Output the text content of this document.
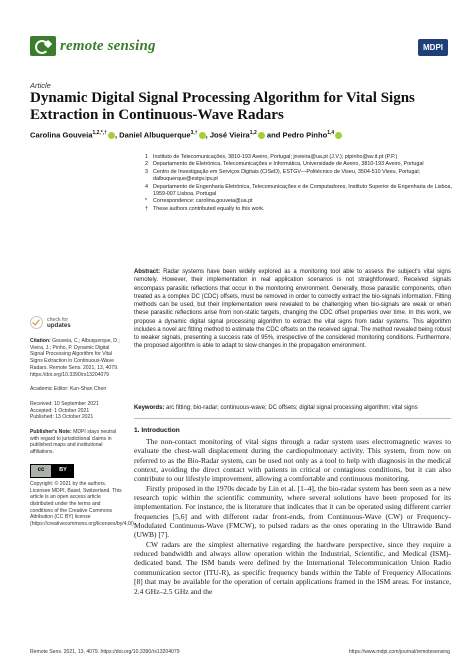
remote sensing	MDPI
Article
Dynamic Digital Signal Processing Algorithm for Vital Signs Extraction in Continuous-Wave Radars
Carolina Gouveia$^{1,2,*,\dagger}$ , Daniel Albuquerque$^{3,\dagger}$ , José Vieira$^{1,2}$ and Pedro Pinho$^{1,4}$
1 Instituto de Telecomunicações, 3810-193 Aveiro, Portugal; jnvieira@ua.pt (J.V.); ptpinho@av.it.pt (P.P.)
2 Departamento de Eletrónica, Telecomunicações e Informática, Universidade de Aveiro, 3810-193 Aveiro, Portugal
3 Centro de Investigação em Serviços Digitais (CISeD), ESTGV—Politécnico de Viseu, 3504-510 Viseu, Portugal; dalbuquerque@estgv.ipv.pt
4 Departamento de Engenharia Eletrónica, Telecomunicações e de Computadores, Instituto Superior de Engenharia de Lisboa, 1959-007 Lisboa, Portugal
*	Correspondence: carolina.gouveia@ua.pt
† These authors contributed equally to this work.
Abstract: Radar systems have been widely explored as a monitoring tool able to assess the subject's vital signs remotely. However, their implementation in real application scenarios is not straightforward. Received signals encompass parasitic reflections that occur in the monitoring environment. Generally, those parasitic components, often treated as a complex DC (CDC) offsets, must be removed in order to correctly extract the bio-signals information. Fitting methods can be used, but their implementation were revealed to be challenging when bio-signals are weak or when these parasitic reflections arise from non-static targets, changing the CDC offset properties over time. In this work, we propose a dynamic digital signal processing algorithm to extract the vital signs from radar systems. This algorithm includes a novel arc fitting method to estimate the CDC offsets on the received signal. The method revealed being robust to weaker signals, presenting a success rate of 95%, irrespective of the considered monitoring conditions. Furthermore, the proposed algorithm is able to adapt to slow changes in the propagation environment.
Keywords: arc fitting; bio-radar; continuous-wave; DC offsets; digital signal processing algorithm; vital signs
check for
updates
Citation: Gouveia, C.; Albuquerque, D.; Vieira, J.; Pinho, P. Dynamic Digital Signal Processing Algorithm for Vital Signs Extraction in Continuous-Wave Radars. Remote Sens. 2021, 13, 4079. https://doi.org/10.3390/rs13204079
Academic Editor: Kun-Shan Chen
Received: 10 September 2021
Accepted: 1 October 2021
Published: 13 October 2021
Publisher's Note: MDPI stays neutral with regard to jurisdictional claims in published maps and institutional affiliations.
cc	BY
Copyright: © 2021 by the authors. Licensee MDPI, Basel, Switzerland. This article is an open access article distributed under the terms and conditions of the Creative Commons Attribution (CC BY) license (https://creativecommons.org/licenses/by/4.0/).
1. Introduction

The non-contact monitoring of vital signs through a radar system uses electromagnetic waves to evaluate the chest-wall displacement during the cardiopulmonary activity. This system, from now on referred to as the Bio-Radar system, can be used not only as a tool to help with diagnosis in the medical context, avoiding the direct contact with patients in critical or contagious conditions, but it can also contribute to our lifestyle improvement, allowing a comfortable and continuous monitoring.

Firstly proposed in the 1970s decade by Lin et al. [1–4], the bio-radar system has been seen as a new research topic within the scientific community, where several solutions have been proposed for its implementation. For instance, the is literature that indicates that it can be operated using different carrier frequencies [5,6] and with different radar front-ends, from Continuous-Wave (CW) or Frequency-Modulated Continuous-Wave (FMCW), to pulsed radars as the ones operating in the Ultrawide Band (UWB) [7].

CW radars are the simplest alternative regarding the hardware perspective, since they require a reduced bandwidth and always allow operation within the Industrial, Scientific, and Medical (ISM)-dedicated band. The ISM bands were defined by the International Telecommunication Union Radio communication sector (ITU-R), as specific frequency bands within the Table of Frequency Allocations [8] that may be available for the operation of certain applications framed in the ISM areas. For instance, 2.4 GHz–2.5 GHz and the

Remote Sens. 2021, 13, 4079. https://doi.org/10.3390/rs13204079	https://www.mdpi.com/journal/remotesensing
